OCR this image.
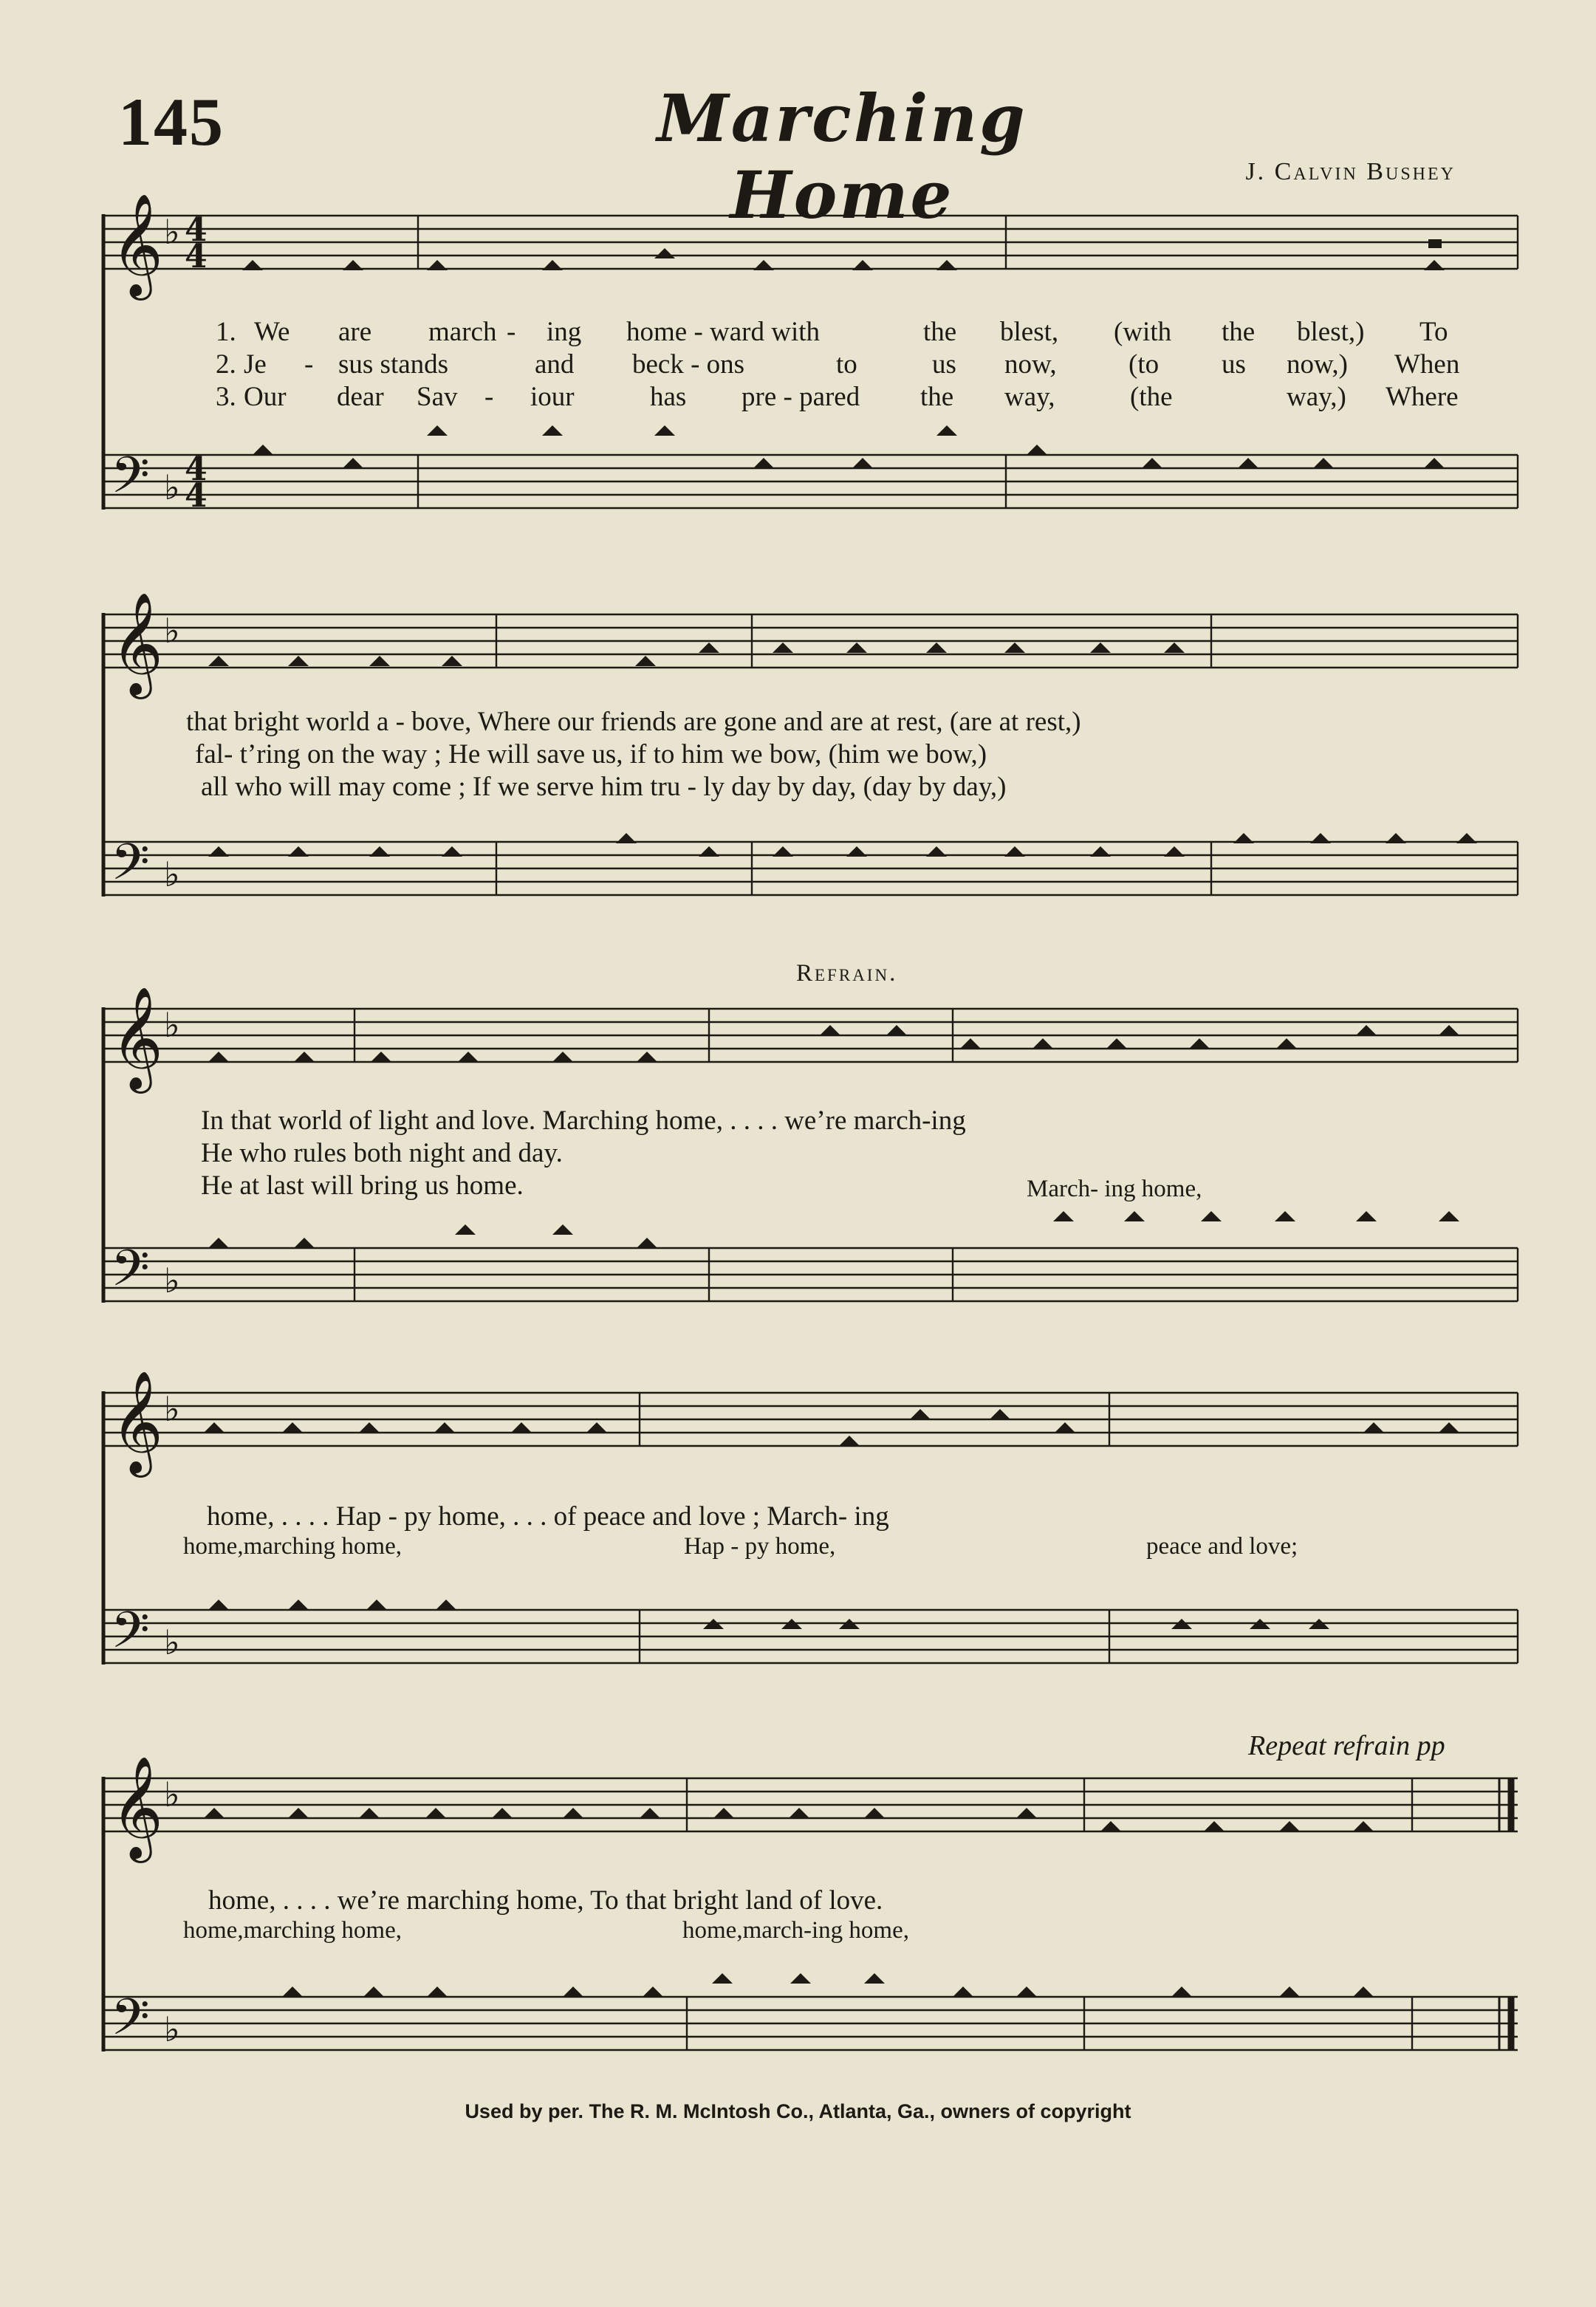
145	Marching Home	J. Calvin Bushey
𝄞
𝄢
𝄞
𝄢
𝄞
𝄢
𝄞
𝄢
𝄞
𝄢
♭
♭
♭
♭
♭
♭
♭
♭
♭
♭
4
4
4
4
1. We are march - ing home - ward with	the blest, (with the blest,) To
2. Je - sus stands	and beck - ons	to	us now,	(to us now,) When
3. Our dear Sav - iour	has pre - pared the way,	(the	way,) Where
that bright world a - bove, Where our friends are gone and are at rest, (are at rest,)
fal- t’ring on the way ; He will save us, if to him we bow, (him we bow,)
all who will may come ; If we serve him tru - ly day by day, (day by day,)
Refrain.
In that world of light and love. Marching home, . . . . we’re march-ing
He who rules both night and day.
He at last will bring us home.	March- ing home,
home, . . . . Hap - py home, . . . of peace and love ; March- ing
home,marching home,	Hap - py home,	peace and love;
Repeat refrain pp
home, . . . . we’re marching home, To that bright land of love.
home,marching home,	home,march-ing home,
Used by per. The R. M. McIntosh Co., Atlanta, Ga., owners of copyright
